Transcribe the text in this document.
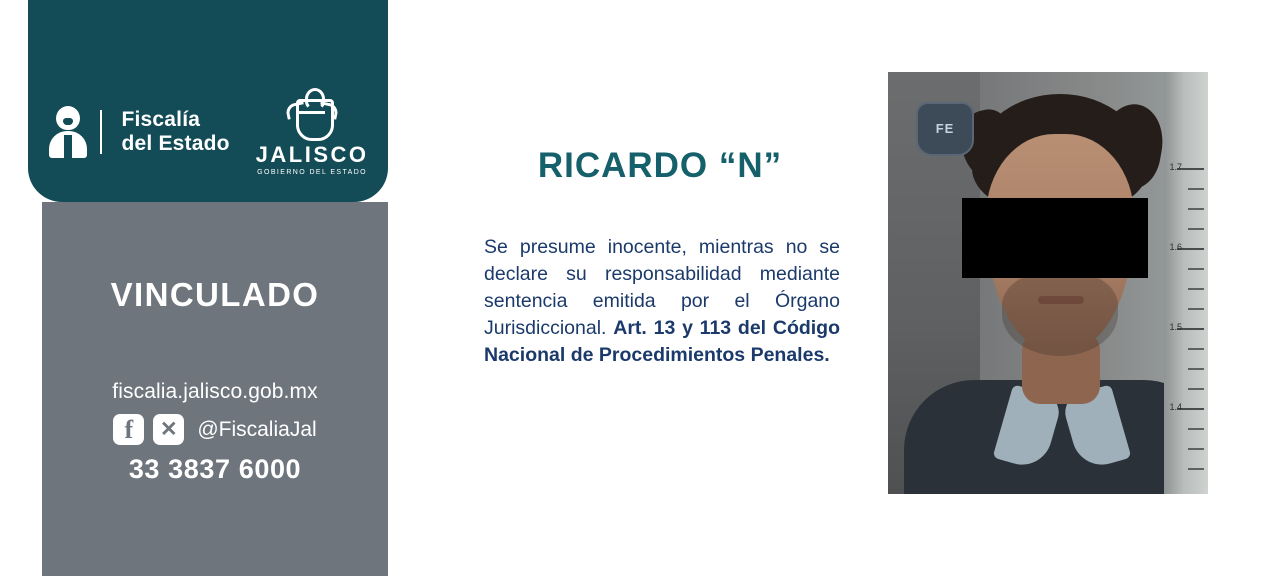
Fiscalía
del Estado JALISCO
GOBIERNO DEL ESTADO
VINCULADO
fiscalia.jalisco.gob.mx
f	✕ @FiscaliaJal
33 3837 6000
RICARDO “N”
Se presume inocente, mientras no se declare su responsabilidad mediante sentencia emitida por el Órgano Jurisdiccional. Art. 13 y 113 del Código Nacional de Procedimientos Penales.
FE
1.7
1.6
1.5
1.4
